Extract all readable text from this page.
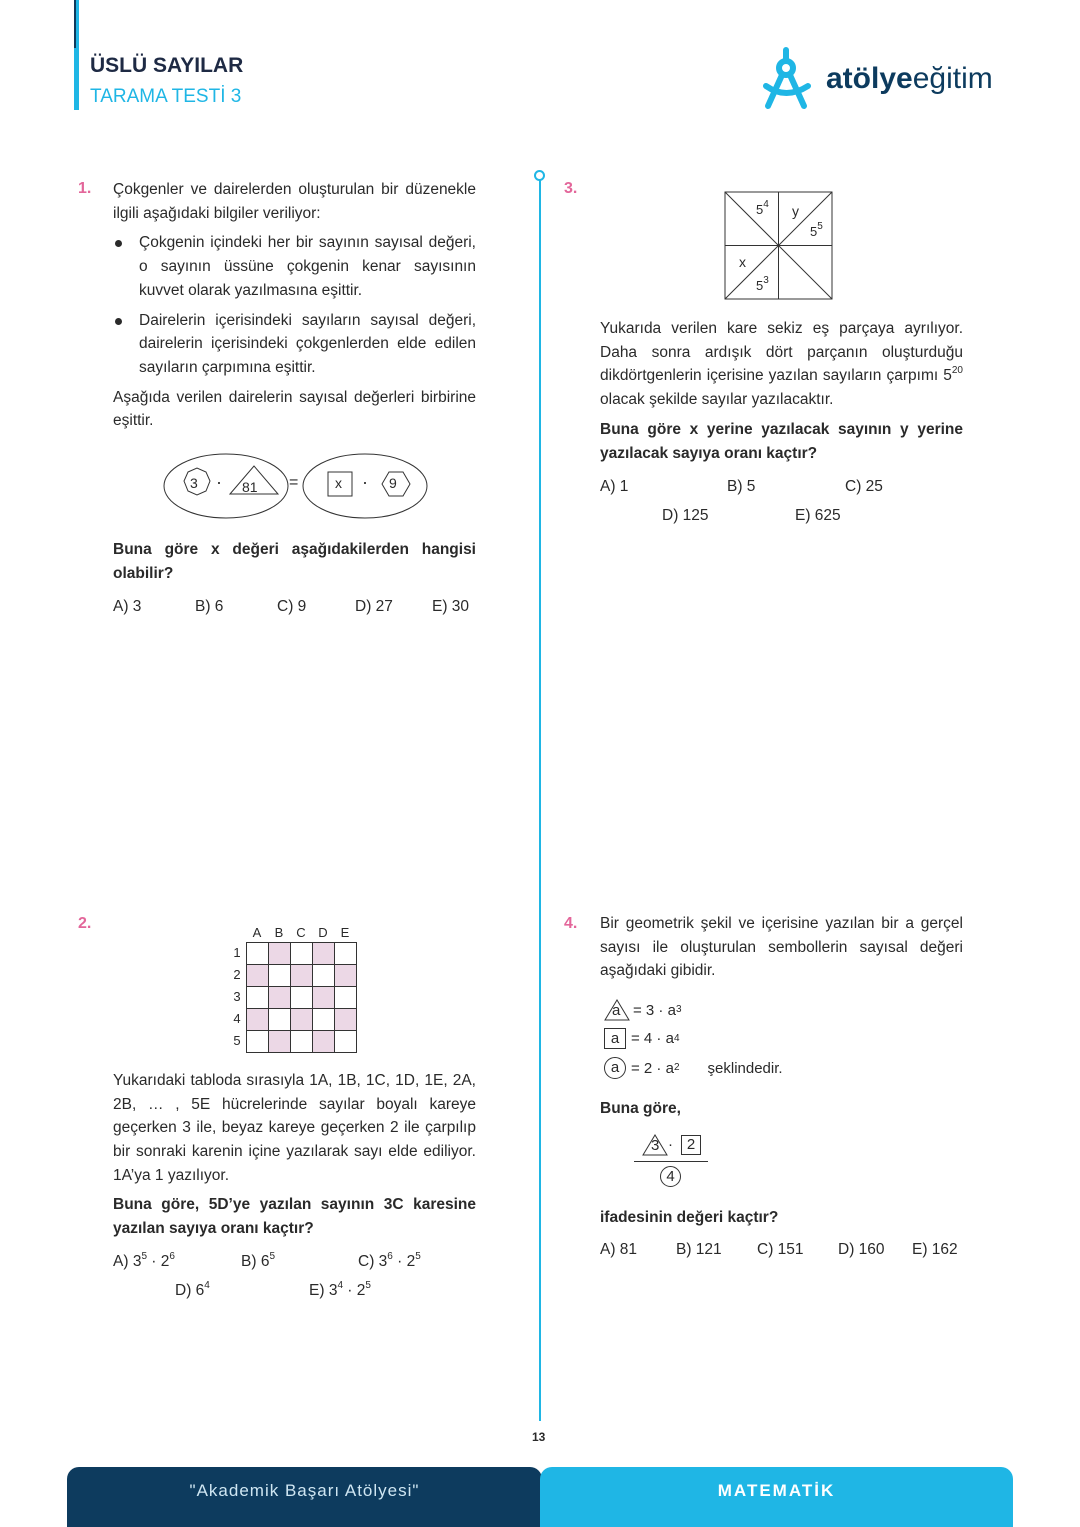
ÜSLÜ SAYILAR
TARAMA TESTİ 3
atölye eğitim
1. Çokgenler ve dairelerden oluşturulan bir düzenekle ilgili aşağıdaki bilgiler veriliyor:

Çokgenin içindeki her bir sayının sayısal değeri, o sayının üssüne çokgenin kenar sayısının kuvvet olarak yazılmasına eşittir.

Dairelerin içerisindeki sayıların sayısal değeri, dairelerin içerisindeki çokgenlerden elde edilen sayıların çarpımına eşittir.

Aşağıda verilen dairelerin sayısal değerleri birbirine eşittir.

3 · 81 =	x · 9
Buna göre x değeri aşağıdakilerden hangisi olabilir?
A) 3	B) 6	C) 9	D) 27	E) 30
3.
$5^4$ y
$5^5$
x
$5^3$
Yukarıda verilen kare sekiz eş parçaya ayrılıyor. Daha sonra ardışık dört parçanın oluşturduğu dikdörtgenlerin içerisine yazılan sayıların çarpımı $5^{20}$ olacak şekilde sayılar yazılacaktır.
Buna göre x yerine yazılacak sayının y yerine yazılacak sayıya oranı kaçtır?
A) 1	B) 5	C) 25
D) 125	E) 625
2.
A	B C D E
1
2
3
4
5
Yukarıdaki tabloda sırasıyla 1A, 1B, 1C, 1D, 1E, 2A, 2B, … , 5E hücrelerinde sayılar boyalı kareye geçerken 3 ile, beyaz kareye geçerken 2 ile çarpılıp bir sonraki karenin içine yazılarak sayı elde ediliyor. 1A’ya 1 yazılıyor.
Buna göre, 5D’ye yazılan sayının 3C karesine yazılan sayıya oranı kaçtır?
A) $3^5 \cdot 2^6$	B) $6^5$	C) $3^6 \cdot 2^5$
D) $6^4$	E) $3^4 \cdot 2^5$
4. Bir geometrik şekil ve içerisine yazılan bir a gerçel sayısı ile oluşturulan sembollerin sayısal değeri aşağıdaki gibidir.
a = 3 · a 3
a = 4 · a 4
a = 2 · a 2 şeklindedir.
Buna göre,
3 · 2
4
ifadesinin değeri kaçtır?
A) 81	B) 121 C) 151 D) 160 E) 162
13
"Akademik Başarı Atölyesi"	MATEMATİK
